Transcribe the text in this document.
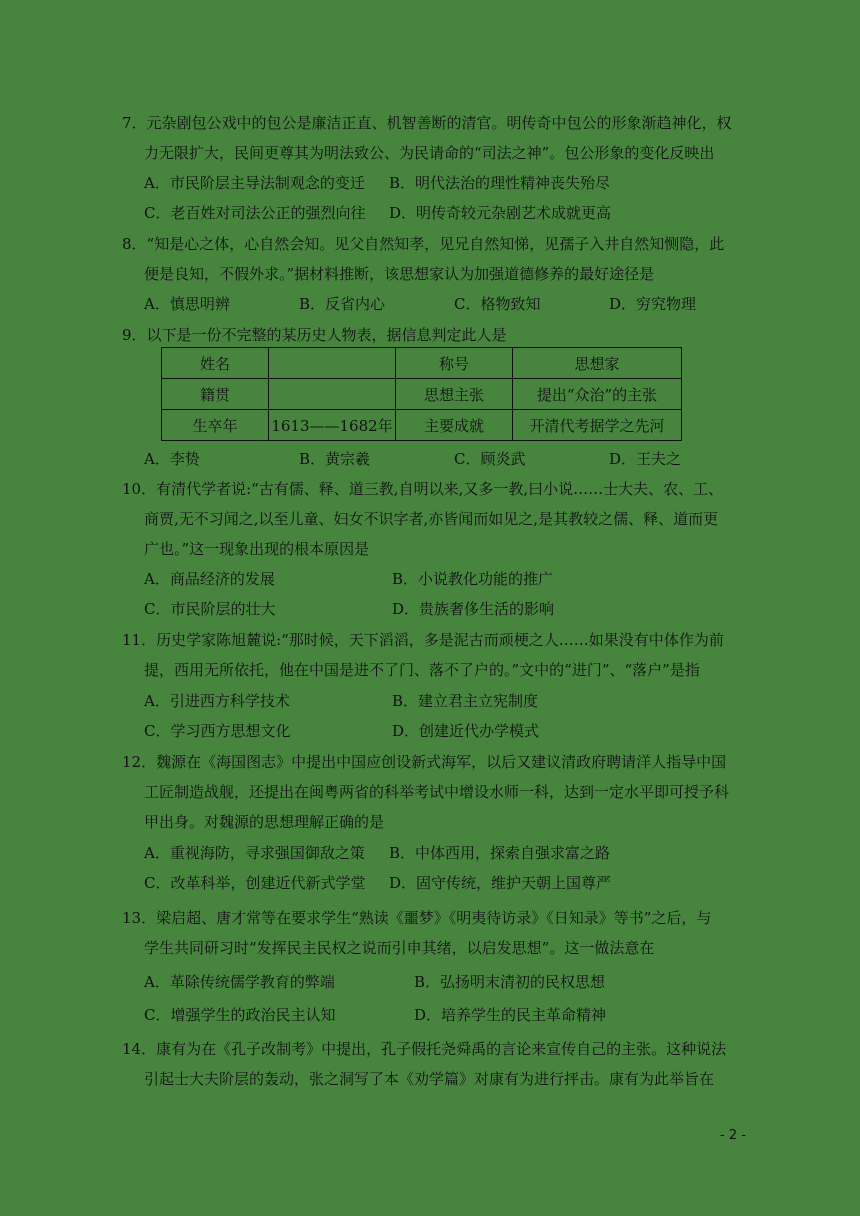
7．元杂剧包公戏中的包公是廉洁正直、机智善断的清官。明传奇中包公的形象渐趋神化，权
力无限扩大，民间更尊其为明法致公、为民请命的“司法之神”。包公形象的变化反映出
A．市民阶层主导法制观念的变迁	B．明代法治的理性精神丧失殆尽
C．老百姓对司法公正的强烈向往	D．明传奇较元杂剧艺术成就更高
8．“知是心之体，心自然会知。见父自然知孝，见兄自然知悌，见孺子入井自然知恻隐，此
便是良知，不假外求。”据材料推断，该思想家认为加强道德修养的最好途径是
A．慎思明辨	B．反省内心	C．格物致知	D．穷究物理
9．以下是一份不完整的某历史人物表，据信息判定此人是
姓名		称号	思想家
籍贯		思想主张	提出“众治”的主张
生卒年	1613——1682年	主要成就	开清代考据学之先河
A．李贽	B．黄宗羲	C．顾炎武	D．王夫之
10．有清代学者说:“古有儒、释、道三教,自明以来,又多一教,曰小说……士大夫、农、工、
商贾,无不习闻之,以至儿童、妇女不识字者,亦皆闻而如见之,是其教较之儒、释、道而更
广也。”这一现象出现的根本原因是
A．商品经济的发展	B．小说教化功能的推广
C．市民阶层的壮大	D．贵族奢侈生活的影响
11．历史学家陈旭麓说:“那时候，天下滔滔，多是泥古而顽梗之人……如果没有中体作为前
提，西用无所依托，他在中国是进不了门、落不了户的。”文中的“进门”、“落户”是指
A．引进西方科学技术	B．建立君主立宪制度
C．学习西方思想文化	D．创建近代办学模式
12．魏源在《海国图志》中提出中国应创设新式海军，以后又建议清政府聘请洋人指导中国
工匠制造战舰，还提出在闽粤两省的科举考试中增设水师一科，达到一定水平即可授予科
甲出身。对魏源的思想理解正确的是
A．重视海防，寻求强国御敌之策	B．中体西用，探索自强求富之路
C．改革科举，创建近代新式学堂	D．固守传统，维护天朝上国尊严
13．梁启超、唐才常等在要求学生“熟读《噩梦》《明夷待访录》《日知录》等书”之后，与
学生共同研习时“发挥民主民权之说而引申其绪，以启发思想”。这一做法意在
A．革除传统儒学教育的弊端	B．弘扬明末清初的民权思想
C．增强学生的政治民主认知	D．培养学生的民主革命精神
14．康有为在《孔子改制考》中提出，孔子假托尧舜禹的言论来宣传自己的主张。这种说法
引起士大夫阶层的轰动，张之洞写了本《劝学篇》对康有为进行抨击。康有为此举旨在
- 2 -
